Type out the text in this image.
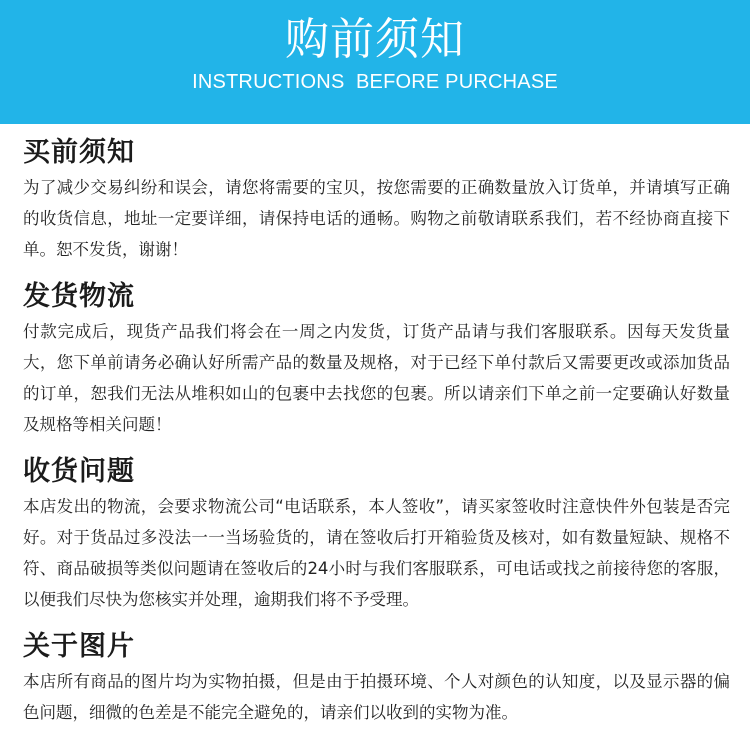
购前须知
INSTRUCTIONS  BEFORE PURCHASE
买前须知

为了减少交易纠纷和误会，请您将需要的宝贝，按您需要的正确数量放入订货单，并请填写正确的收货信息，地址一定要详细，请保持电话的通畅。购物之前敬请联系我们，若不经协商直接下单。恕不发货，谢谢！

发货物流

付款完成后，现货产品我们将会在一周之内发货，订货产品请与我们客服联系。因每天发货量大，您下单前请务必确认好所需产品的数量及规格，对于已经下单付款后又需要更改或添加货品的订单，恕我们无法从堆积如山的包裹中去找您的包裹。所以请亲们下单之前一定要确认好数量及规格等相关问题！

收货问题

本店发出的物流，会要求物流公司“电话联系，本人签收”，请买家签收时注意快件外包装是否完好。对于货品过多没法一一当场验货的，请在签收后打开箱验货及核对，如有数量短缺、规格不符、商品破损等类似问题请在签收后的24小时与我们客服联系，可电话或找之前接待您的客服，以便我们尽快为您核实并处理，逾期我们将不予受理。

关于图片

本店所有商品的图片均为实物拍摄，但是由于拍摄环境、个人对颜色的认知度，以及显示器的偏色问题，细微的色差是不能完全避免的，请亲们以收到的实物为准。
